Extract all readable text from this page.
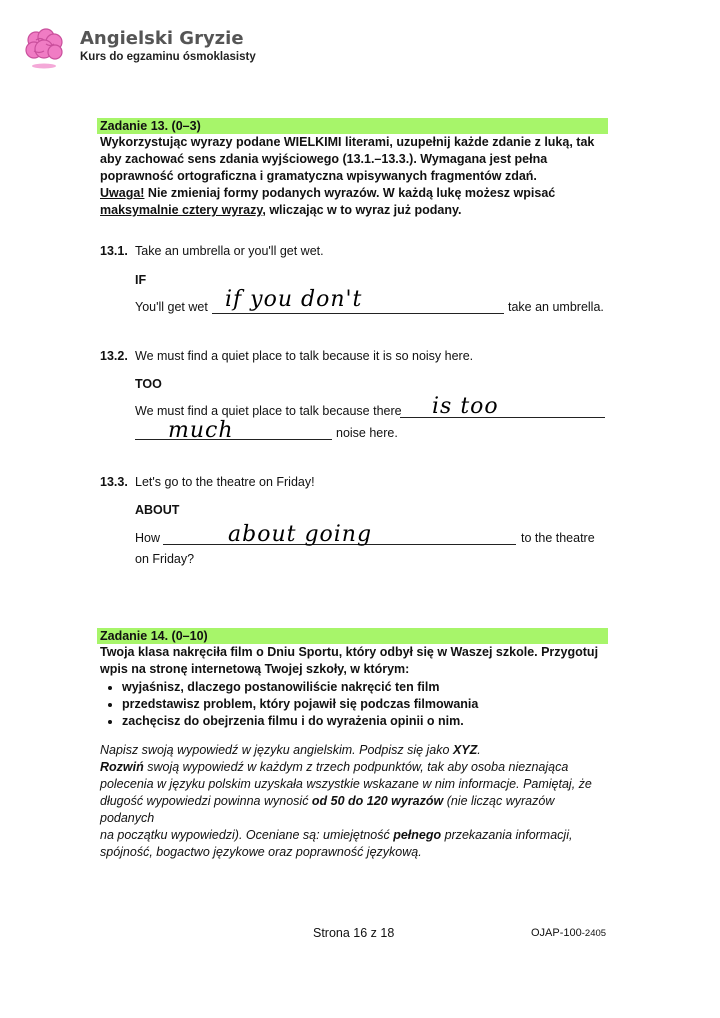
Angielski Gryzie
Kurs do egzaminu ósmoklasisty
Zadanie 13. (0–3)
Wykorzystując wyrazy podane WIELKIMI literami, uzupełnij każde zdanie z luką, tak
aby zachować sens zdania wyjściowego (13.1.–13.3.). Wymagana jest pełna
poprawność ortograficzna i gramatyczna wpisywanych fragmentów zdań.
Uwaga! Nie zmieniaj formy podanych wyrazów. W każdą lukę możesz wpisać
maksymalnie cztery wyrazy, wliczając w to wyraz już podany.
13.1. Take an umbrella or you'll get wet.
IF
You'll get wet if you don't	take an umbrella.
13.2. We must find a quiet place to talk because it is so noisy here.
TOO
We must find a quiet place to talk because there is too
much	noise here.
13.3. Let's go to the theatre on Friday!
ABOUT
How	about going	to the theatre
on Friday?
Zadanie 14. (0–10)
Twoja klasa nakręciła film o Dniu Sportu, który odbył się w Waszej szkole. Przygotuj
wpis na stronę internetową Twojej szkoły, w którym:
• wyjaśnisz, dlaczego postanowiliście nakręcić ten film
• przedstawisz problem, który pojawił się podczas filmowania
• zachęcisz do obejrzenia filmu i do wyrażenia opinii o nim.
Napisz swoją wypowiedź w języku angielskim. Podpisz się jako XYZ.
Rozwiń swoją wypowiedź w każdym z trzech podpunktów, tak aby osoba nieznająca
polecenia w języku polskim uzyskała wszystkie wskazane w nim informacje. Pamiętaj, że
długość wypowiedzi powinna wynosić od 50 do 120 wyrazów (nie licząc wyrazów podanych
na początku wypowiedzi). Oceniane są: umiejętność pełnego przekazania informacji,
spójność, bogactwo językowe oraz poprawność językową.
Strona 16 z 18	OJAP-100-2405
